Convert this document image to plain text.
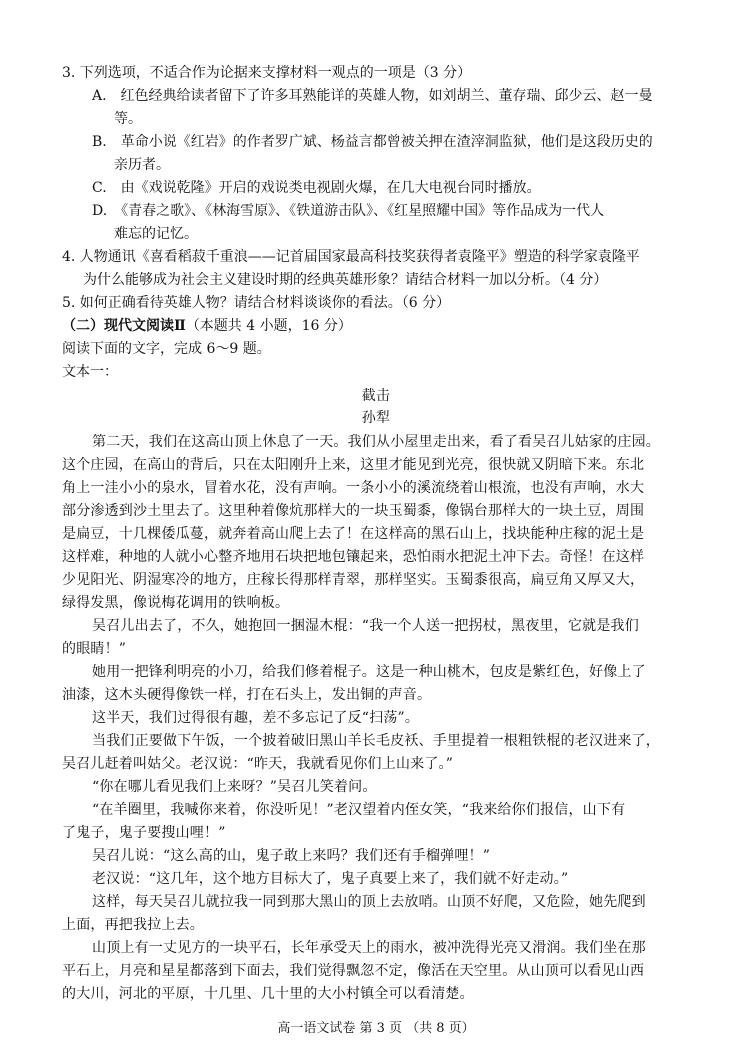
3. 下列选项，不适合作为论据来支撑材料一观点的一项是（3 分）
A.　红色经典给读者留下了许多耳熟能详的英雄人物，如刘胡兰、董存瑞、邱少云、赵一曼
等。
B.　革命小说《红岩》的作者罗广斌、杨益言都曾被关押在渣滓洞监狱，他们是这段历史的
亲历者。
C.　由《戏说乾隆》开启的戏说类电视剧火爆，在几大电视台同时播放。
D.　《青春之歌》、《林海雪原》、《铁道游击队》、《红星照耀中国》等作品成为一代人
难忘的记忆。
4. 人物通讯《喜看稻菽千重浪——记首届国家最高科技奖获得者袁隆平》塑造的科学家袁隆平
为什么能够成为社会主义建设时期的经典英雄形象？请结合材料一加以分析。（4 分）
5. 如何正确看待英雄人物？请结合材料谈谈你的看法。（6 分）
（二）现代文阅读Ⅱ（本题共 4 小题，16 分）
阅读下面的文字，完成 6～9 题。
文本一：
截击
孙犁
第二天，我们在这高山顶上休息了一天。我们从小屋里走出来，看了看吴召儿姑家的庄园。
这个庄园，在高山的背后，只在太阳刚升上来，这里才能见到光亮，很快就又阴暗下来。东北
角上一洼小小的泉水，冒着水花，没有声响。一条小小的溪流绕着山根流，也没有声响，水大
部分渗透到沙土里去了。这里种着像炕那样大的一块玉蜀黍，像锅台那样大的一块土豆，周围
是扁豆，十几棵倭瓜蔓，就奔着高山爬上去了！在这样高的黑石山上，找块能种庄稼的泥土是
这样难，种地的人就小心整齐地用石块把地包镶起来，恐怕雨水把泥土冲下去。奇怪！在这样
少见阳光、阴湿寒冷的地方，庄稼长得那样青翠，那样坚实。玉蜀黍很高，扁豆角又厚又大，
绿得发黑，像说梅花调用的铁响板。
吴召儿出去了，不久，她抱回一捆湿木棍：“我一个人送一把拐杖，黑夜里，它就是我们
的眼睛！”
她用一把锋利明亮的小刀，给我们修着棍子。这是一种山桃木，包皮是紫红色，好像上了
油漆，这木头硬得像铁一样，打在石头上，发出铜的声音。
这半天，我们过得很有趣，差不多忘记了反“扫荡”。
当我们正要做下午饭，一个披着破旧黑山羊长毛皮袄、手里提着一根粗铁棍的老汉进来了，
吴召儿赶着叫姑父。老汉说：“昨天，我就看见你们上山来了。”
“你在哪儿看见我们上来呀？”吴召儿笑着问。
“在羊圈里，我喊你来着，你没听见！”老汉望着内侄女笑，“我来给你们报信，山下有
了鬼子，鬼子要搜山哩！”
吴召儿说：“这么高的山，鬼子敢上来吗？我们还有手榴弹哩！”
老汉说：“这几年，这个地方目标大了，鬼子真要上来了，我们就不好走动。”
这样，每天吴召儿就拉我一同到那大黑山的顶上去放哨。山顶不好爬，又危险，她先爬到
上面，再把我拉上去。
山顶上有一丈见方的一块平石，长年承受天上的雨水，被冲洗得光亮又滑润。我们坐在那
平石上，月亮和星星都落到下面去，我们觉得飘忽不定，像活在天空里。从山顶可以看见山西
的大川，河北的平原，十几里、几十里的大小村镇全可以看清楚。
高一语文试卷 第 3 页 （共 8 页）
